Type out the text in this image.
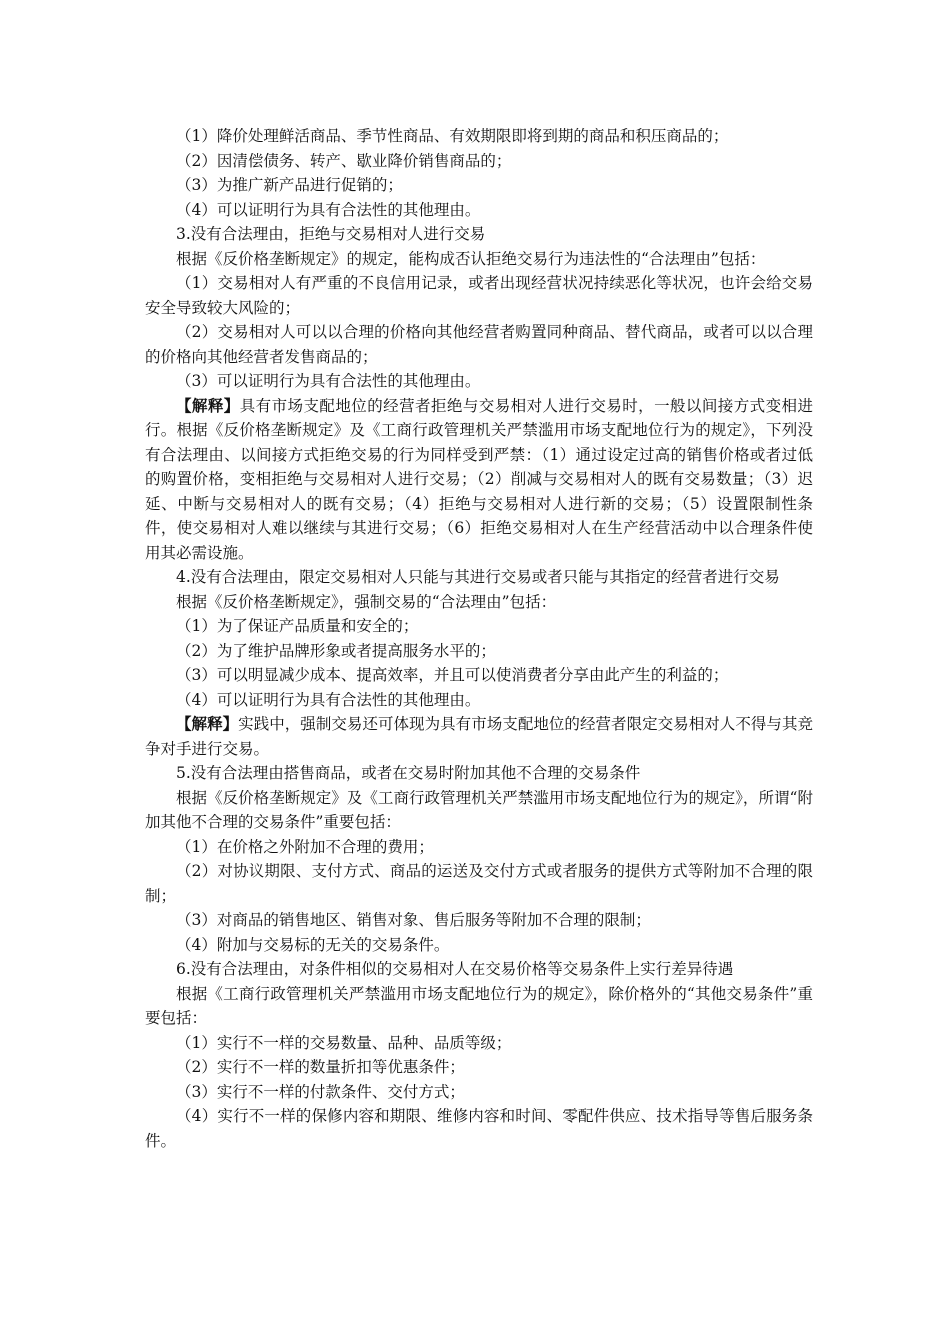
（1）降价处理鲜活商品、季节性商品、有效期限即将到期的商品和积压商品的；

（2）因清偿债务、转产、歇业降价销售商品的；

（3）为推广新产品进行促销的；

（4）可以证明行为具有合法性的其他理由。

3.没有合法理由，拒绝与交易相对人进行交易

根据《反价格垄断规定》的规定，能构成否认拒绝交易行为违法性的“合法理由”包括：

（1）交易相对人有严重的不良信用记录，或者出现经营状况持续恶化等状况，也许会给交易安全导致较大风险的；

（2）交易相对人可以以合理的价格向其他经营者购置同种商品、替代商品，或者可以以合理的价格向其他经营者发售商品的；

（3）可以证明行为具有合法性的其他理由。

【解释】具有市场支配地位的经营者拒绝与交易相对人进行交易时，一般以间接方式变相进行。根据《反价格垄断规定》及《工商行政管理机关严禁滥用市场支配地位行为的规定》，下列没有合法理由、以间接方式拒绝交易的行为同样受到严禁：（1）通过设定过高的销售价格或者过低的购置价格，变相拒绝与交易相对人进行交易；（2）削减与交易相对人的既有交易数量；（3）迟延、中断与交易相对人的既有交易；（4）拒绝与交易相对人进行新的交易；（5）设置限制性条件，使交易相对人难以继续与其进行交易；（6）拒绝交易相对人在生产经营活动中以合理条件使用其必需设施。

4.没有合法理由，限定交易相对人只能与其进行交易或者只能与其指定的经营者进行交易

根据《反价格垄断规定》，强制交易的“合法理由”包括：

（1）为了保证产品质量和安全的；

（2）为了维护品牌形象或者提高服务水平的；

（3）可以明显减少成本、提高效率，并且可以使消费者分享由此产生的利益的；

（4）可以证明行为具有合法性的其他理由。

【解释】实践中，强制交易还可体现为具有市场支配地位的经营者限定交易相对人不得与其竞争对手进行交易。

5.没有合法理由搭售商品，或者在交易时附加其他不合理的交易条件

根据《反价格垄断规定》及《工商行政管理机关严禁滥用市场支配地位行为的规定》，所谓“附加其他不合理的交易条件”重要包括：

（1）在价格之外附加不合理的费用；

（2）对协议期限、支付方式、商品的运送及交付方式或者服务的提供方式等附加不合理的限制；

（3）对商品的销售地区、销售对象、售后服务等附加不合理的限制；

（4）附加与交易标的无关的交易条件。

6.没有合法理由，对条件相似的交易相对人在交易价格等交易条件上实行差异待遇

根据《工商行政管理机关严禁滥用市场支配地位行为的规定》，除价格外的“其他交易条件”重要包括：

（1）实行不一样的交易数量、品种、品质等级；

（2）实行不一样的数量折扣等优惠条件；

（3）实行不一样的付款条件、交付方式；

（4）实行不一样的保修内容和期限、维修内容和时间、零配件供应、技术指导等售后服务条件。
